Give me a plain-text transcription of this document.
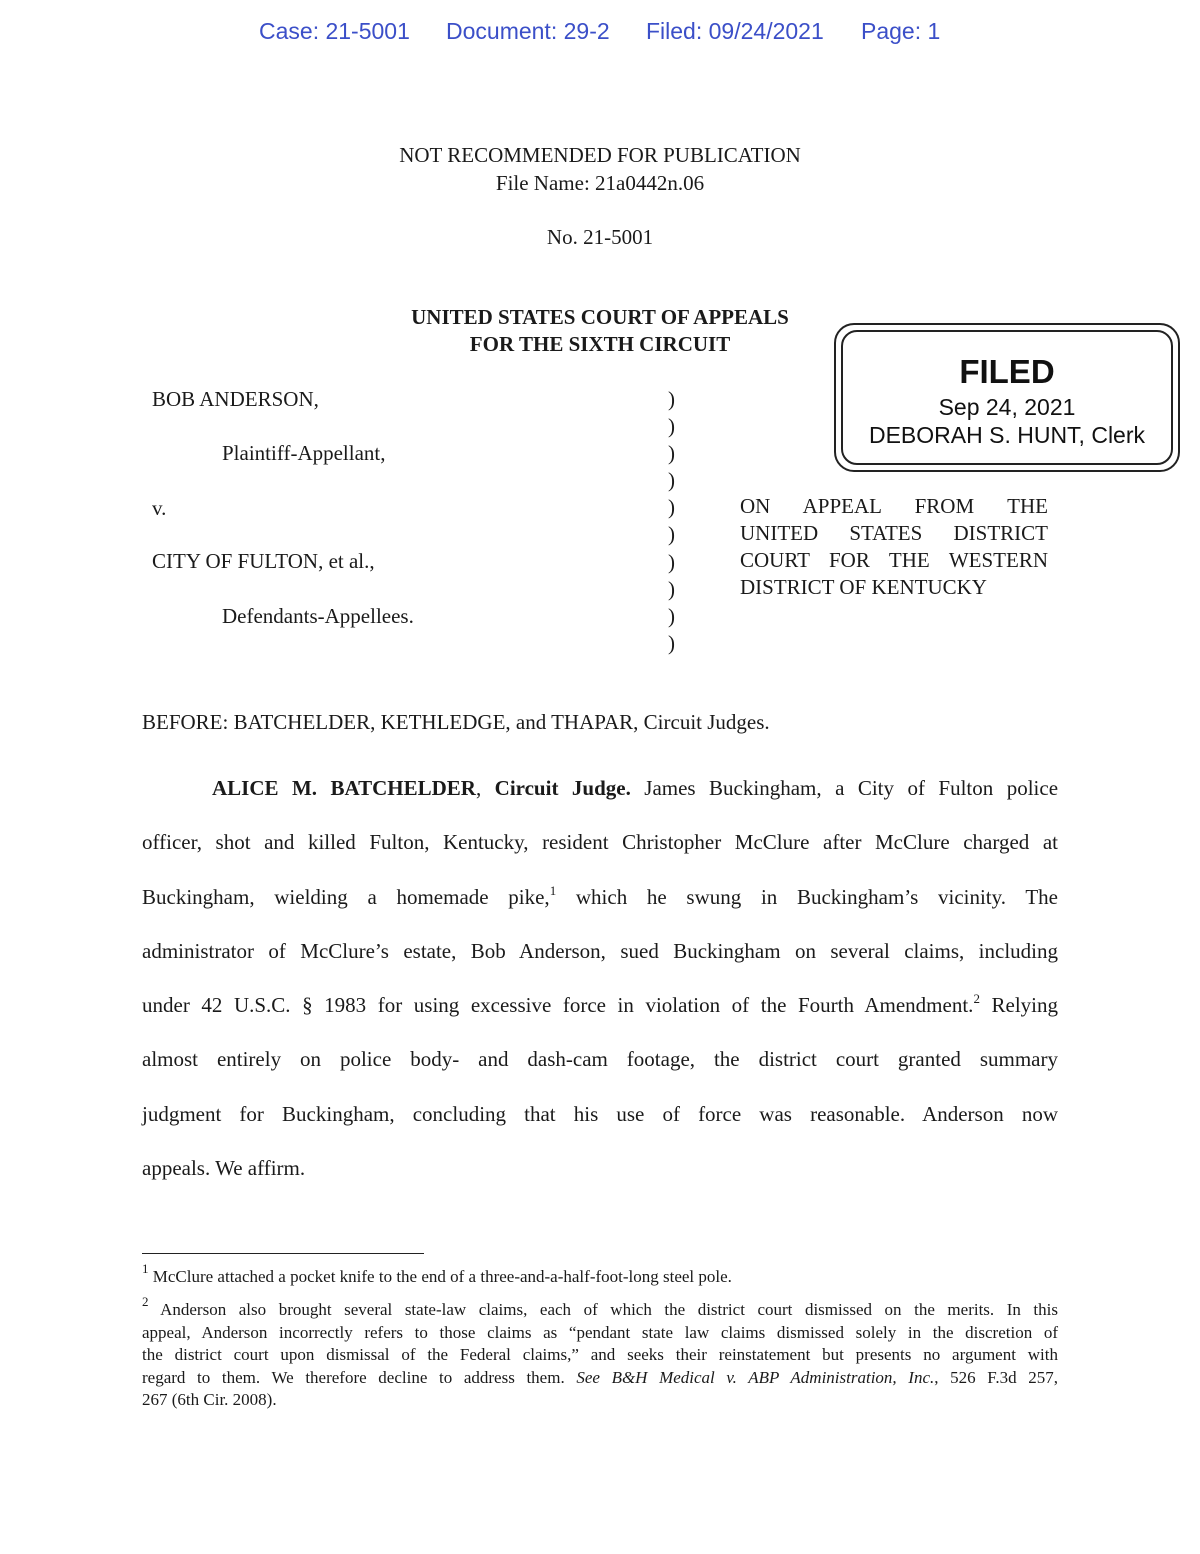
Case: 21-5001 Document: 29-2 Filed: 09/24/2021 Page: 1
NOT RECOMMENDED FOR PUBLICATION
File Name: 21a0442n.06
No. 21-5001
UNITED STATES COURT OF APPEALS
FOR THE SIXTH CIRCUIT
FILED
Sep 24, 2021
DEBORAH S. HUNT, Clerk
BOB ANDERSON,
Plaintiff-Appellant,
v.
CITY OF FULTON, et al.,
Defendants-Appellees.
)
)
)
)
)
)
)
)
)
)
ON APPEAL FROM THE
UNITED STATES DISTRICT
COURT FOR THE WESTERN
DISTRICT OF KENTUCKY
BEFORE: BATCHELDER, KETHLEDGE, and THAPAR, Circuit Judges.
ALICE M. BATCHELDER, Circuit Judge. James Buckingham, a City of Fulton police
officer, shot and killed Fulton, Kentucky, resident Christopher McClure after McClure charged at
Buckingham, wielding a homemade pike,$^1$ which he swung in Buckingham’s vicinity. The
administrator of McClure’s estate, Bob Anderson, sued Buckingham on several claims, including
under 42 U.S.C. § 1983 for using excessive force in violation of the Fourth Amendment.$^2$ Relying
almost entirely on police body- and dash-cam footage, the district court granted summary
judgment for Buckingham, concluding that his use of force was reasonable. Anderson now
appeals. We affirm.
$^1$ McClure attached a pocket knife to the end of a three-and-a-half-foot-long steel pole.
$^2$ Anderson also brought several state-law claims, each of which the district court dismissed on the merits. In this
appeal, Anderson incorrectly refers to those claims as “pendant state law claims dismissed solely in the discretion of
the district court upon dismissal of the Federal claims,” and seeks their reinstatement but presents no argument with
regard to them. We therefore decline to address them. See B&H Medical v. ABP Administration, Inc., 526 F.3d 257,
267 (6th Cir. 2008).
